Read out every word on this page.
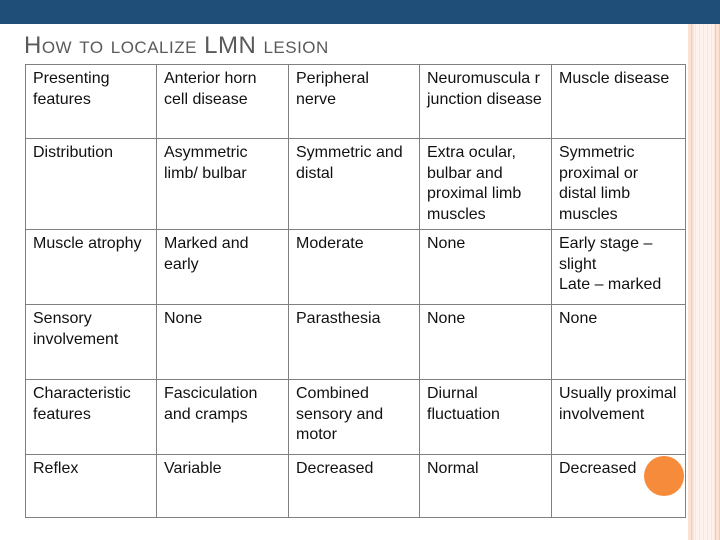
How to localize LMN lesion
Presenting features	Anterior horn cell disease	Peripheral nerve	Neuromuscula r junction disease	Muscle disease
Distribution	Asymmetric limb/ bulbar	Symmetric and distal	Extra ocular, bulbar and proximal limb muscles	Symmetric proximal or distal limb muscles
Muscle atrophy	Marked and early	Moderate	None	Early stage – slight
Late – marked
Sensory involvement	None	Parasthesia	None	None
Characteristic features	Fasciculation and cramps	Combined sensory and motor	Diurnal fluctuation	Usually proximal involvement
Reflex	Variable	Decreased	Normal	Decreased
